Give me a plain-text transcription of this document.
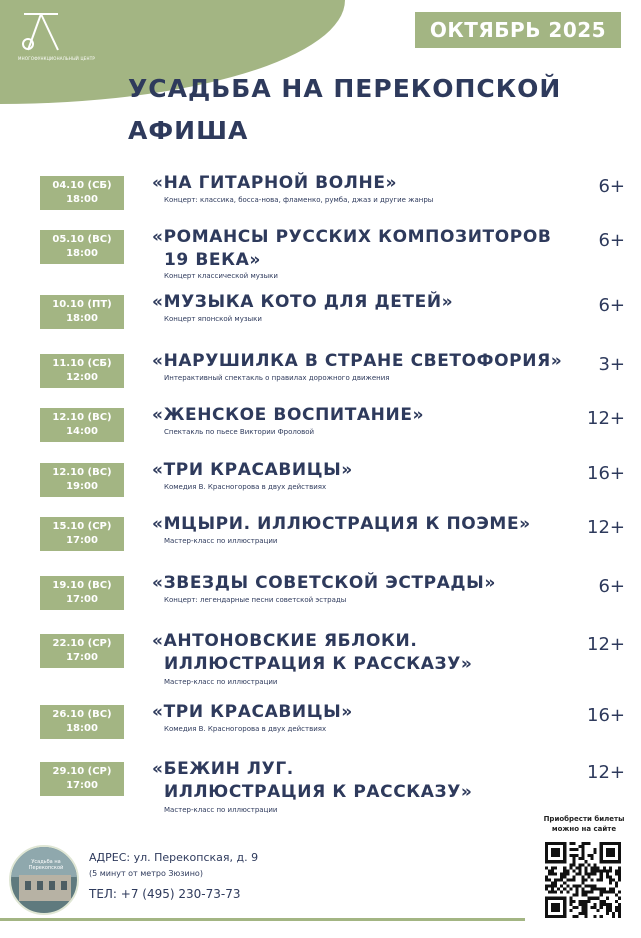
МНОГОФУНКЦИОНАЛЬНЫЙ ЦЕНТР
ОКТЯБРЬ 2025
УСАДЬБА НА ПЕРЕКОПСКОЙ
АФИША
04.10 (СБ)
18:00
«НА ГИТАРНОЙ ВОЛНЕ»
Концерт: классика, босса-нова, фламенко, румба, джаз и другие жанры
6+
05.10 (ВС)
18:00
«РОМАНСЫ РУССКИХ КОМПОЗИТОРОВ
19 ВЕКА»
Концерт классической музыки
6+
10.10 (ПТ)
18:00
«МУЗЫКА КОТО ДЛЯ ДЕТЕЙ»
Концерт японской музыки
6+
11.10 (СБ)
12:00
«НАРУШИЛКА В СТРАНЕ СВЕТОФОРИЯ»
Интерактивный спектакль о правилах дорожного движения
3+
12.10 (ВС)
14:00
«ЖЕНСКОЕ ВОСПИТАНИЕ»
Спектакль по пьесе Виктории Фроловой
12+
12.10 (ВС)
19:00
«ТРИ КРАСАВИЦЫ»
Комедия В. Красногорова в двух действиях
16+
15.10 (СР)
17:00
«МЦЫРИ. ИЛЛЮСТРАЦИЯ К ПОЭМЕ»
Мастер-класс по иллюстрации
12+
19.10 (ВС)
17:00
«ЗВЕЗДЫ СОВЕТСКОЙ ЭСТРАДЫ»
Концерт: легендарные песни советской эстрады
6+
22.10 (СР)
17:00
«АНТОНОВСКИЕ ЯБЛОКИ.
ИЛЛЮСТРАЦИЯ К РАССКАЗУ»
Мастер-класс по иллюстрации
12+
26.10 (ВС)
18:00
«ТРИ КРАСАВИЦЫ»
Комедия В. Красногорова в двух действиях
16+
29.10 (СР)
17:00
«БЕЖИН ЛУГ.
ИЛЛЮСТРАЦИЯ К РАССКАЗУ»
Мастер-класс по иллюстрации
12+
Усадьба на Перекопской
АДРЕС: ул. Перекопская, д. 9
(5 минут от метро Зюзино)
ТЕЛ: +7 (495) 230-73-73
Приобрести билеты
можно на сайте
